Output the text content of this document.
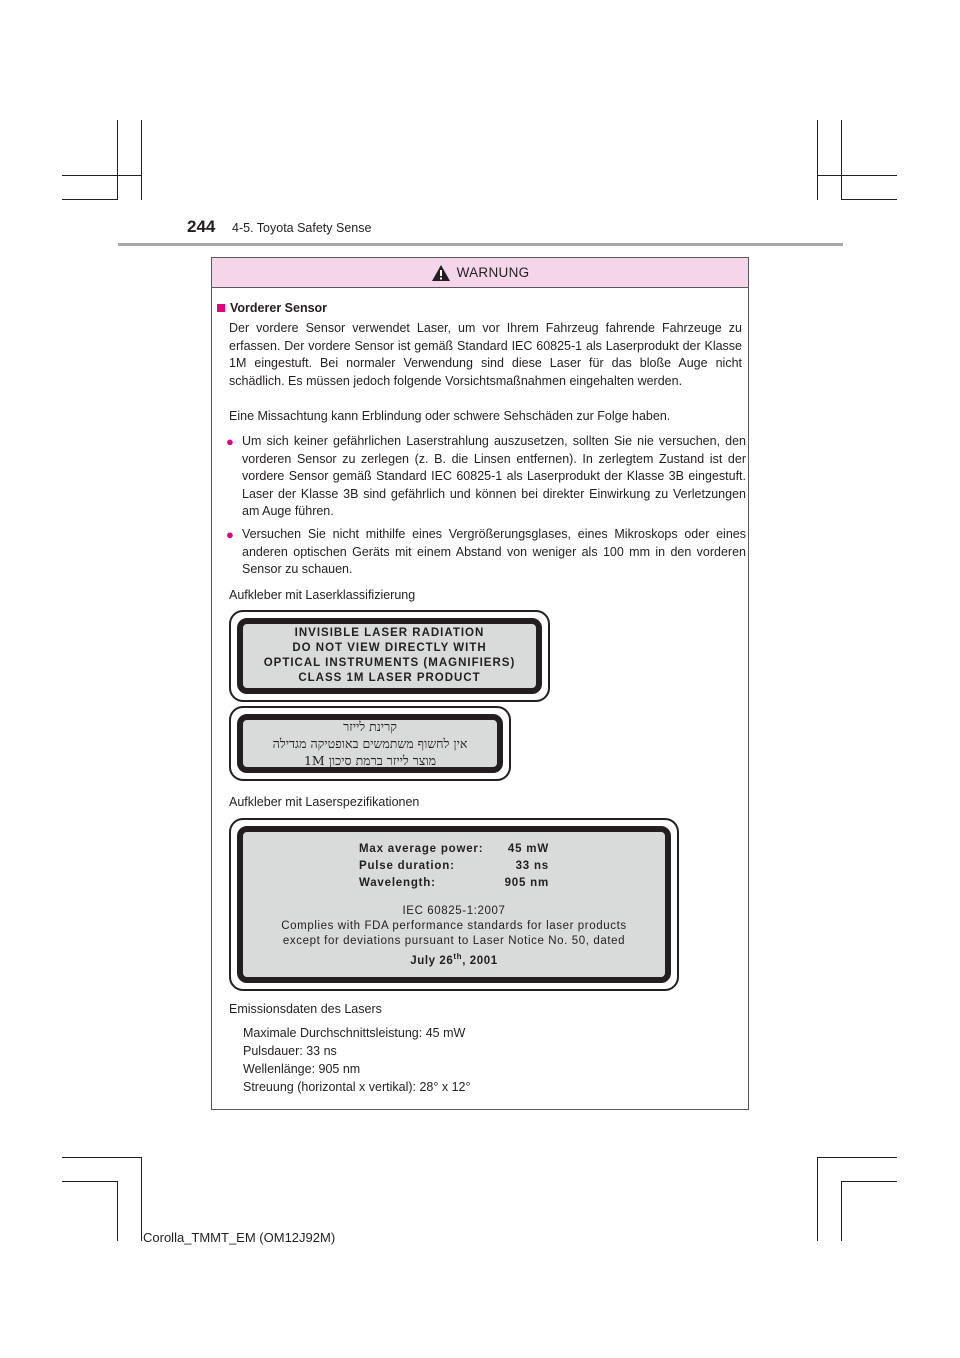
244 4-5. Toyota Safety Sense
WARNUNG
Vorderer Sensor
Der vordere Sensor verwendet Laser, um vor Ihrem Fahrzeug fahrende Fahrzeuge zu erfassen. Der vordere Sensor ist gemäß Standard IEC 60825-1 als Laserprodukt der Klasse 1M eingestuft. Bei normaler Verwendung sind diese Laser für das bloße Auge nicht schädlich. Es müssen jedoch folgende Vorsichtsmaßnahmen eingehalten werden.
Eine Missachtung kann Erblindung oder schwere Sehschäden zur Folge haben.
● Um sich keiner gefährlichen Laserstrahlung auszusetzen, sollten Sie nie versuchen, den vorderen Sensor zu zerlegen (z. B. die Linsen entfernen). In zerlegtem Zustand ist der vordere Sensor gemäß Standard IEC 60825-1 als Laserprodukt der Klasse 3B eingestuft. Laser der Klasse 3B sind gefährlich und können bei direkter Einwirkung zu Verletzungen am Auge führen.
● Versuchen Sie nicht mithilfe eines Vergrößerungsglases, eines Mikroskops oder eines anderen optischen Geräts mit einem Abstand von weniger als 100 mm in den vorderen Sensor zu schauen.
Aufkleber mit Laserklassifizierung
INVISIBLE LASER RADIATION
DO NOT VIEW DIRECTLY WITH
OPTICAL INSTRUMENTS (MAGNIFIERS)
CLASS 1M LASER PRODUCT
קרינת לייזר
אין לחשוף משתמשים באופטיקה מגדילה
מוצר לייזר ברמת סיכון 1M
Aufkleber mit Laserspezifikationen
Max average power:	45 mW
Pulse duration:	33 ns
Wavelength:	905 nm
IEC 60825-1:2007
Complies with FDA performance standards for laser products
except for deviations pursuant to Laser Notice No. 50, dated
July 26th, 2001
Emissionsdaten des Lasers
Maximale Durchschnittsleistung: 45 mW
Pulsdauer: 33 ns
Wellenlänge: 905 nm
Streuung (horizontal x vertikal): 28° x 12°
Corolla_TMMT_EM (OM12J92M)
